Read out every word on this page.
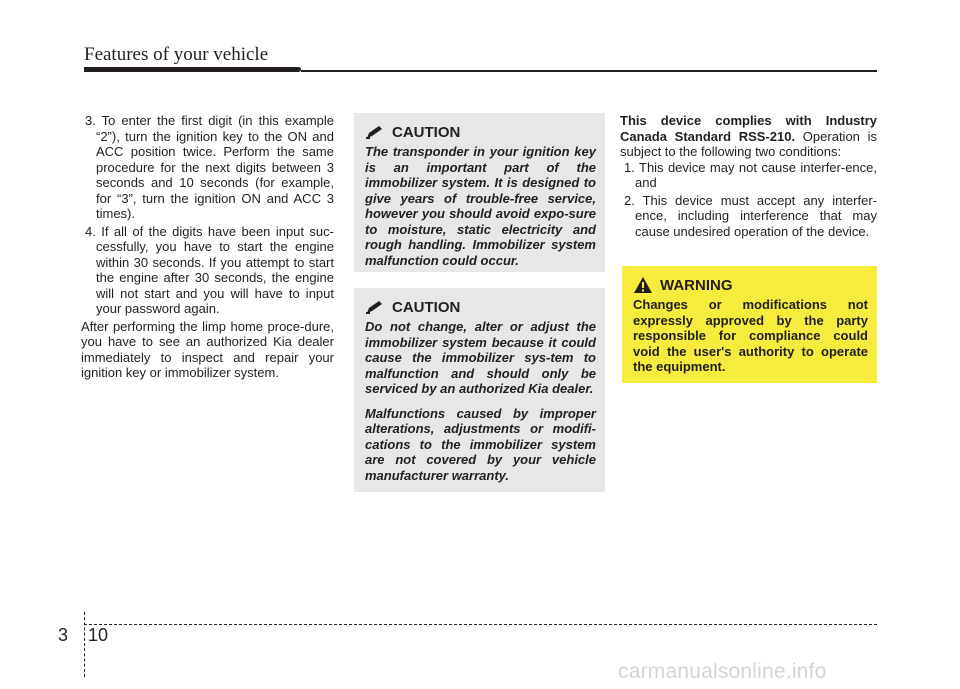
Features of your vehicle

3. To enter the first digit (in this example “2”), turn the ignition key to the ON and ACC position twice. Perform the same procedure for the next digits between 3 seconds and 10 seconds (for example, for “3”, turn the ignition ON and ACC 3 times).

4. If all of the digits have been input suc-cessfully, you have to start the engine within 30 seconds. If you attempt to start the engine after 30 seconds, the engine will not start and you will have to input your password again.

After performing the limp home proce-dure, you have to see an authorized Kia dealer immediately to inspect and repair your ignition key or immobilizer system.

CAUTION

The transponder in your ignition key is an important part of the immobilizer system. It is designed to give years of trouble-free service, however you should avoid expo-sure to moisture, static electricity and rough handling. Immobilizer system malfunction could occur.

CAUTION

Do not change, alter or adjust the immobilizer system because it could cause the immobilizer sys-tem to malfunction and should only be serviced by an authorized Kia dealer.

Malfunctions caused by improper alterations, adjustments or modifi-cations to the immobilizer system are not covered by your vehicle manufacturer warranty.

This device complies with Industry Canada Standard RSS-210. Operation is subject to the following two conditions:

1. This device may not cause interfer-ence, and

2. This device must accept any interfer-ence, including interference that may cause undesired operation of the device.

WARNING

Changes or modifications not expressly approved by the party responsible for compliance could void the user's authority to operate the equipment.

3 10
carmanualsonline.info
